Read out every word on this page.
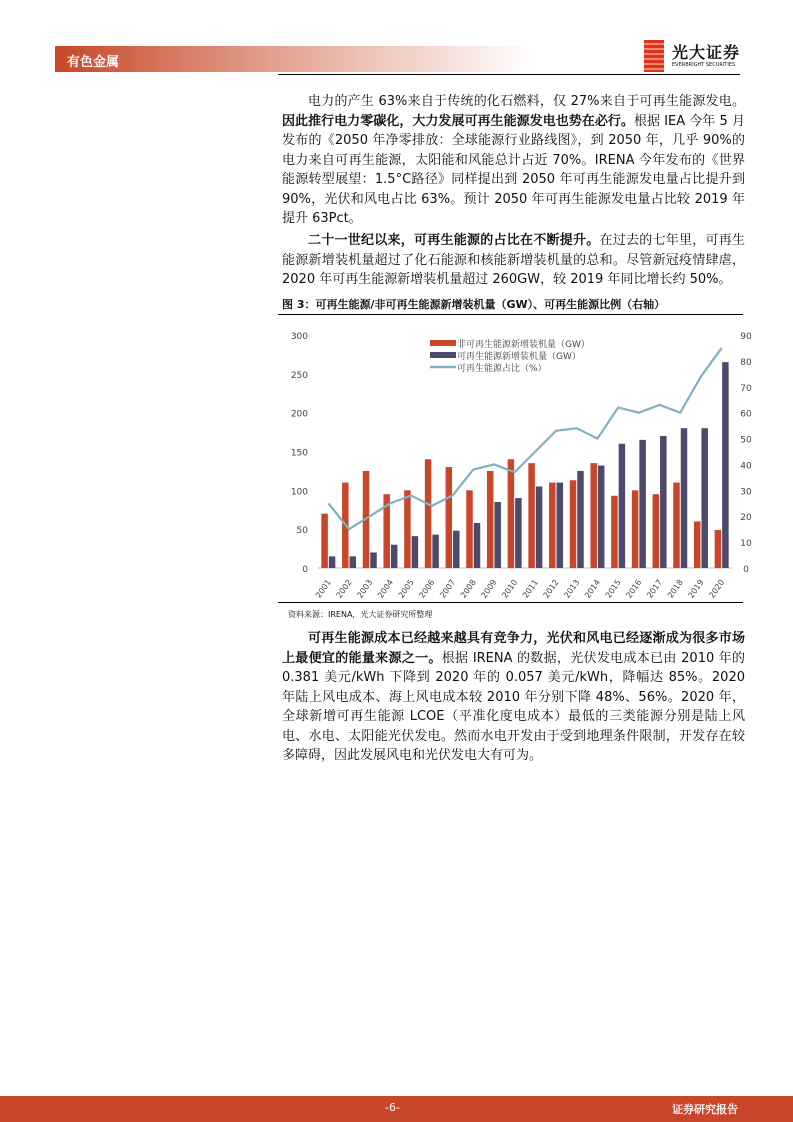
有色金属
光大证券
EVERBRIGHT SECURITIES

电力的产生 63%来自于传统的化石燃料，仅 27%来自于可再生能源发电。因此推行电力零碳化，大力发展可再生能源发电也势在必行。根据 IEA 今年 5 月发布的《2050 年净零排放：全球能源行业路线图》，到 2050 年，几乎 90%的电力来自可再生能源，太阳能和风能总计占近 70%。IRENA 今年发布的《世界能源转型展望：1.5°C路径》同样提出到 2050 年可再生能源发电量占比提升到 90%，光伏和风电占比 63%。预计 2050 年可再生能源发电量占比较 2019 年提升 63Pct。

二十一世纪以来，可再生能源的占比在不断提升。在过去的七年里，可再生能源新增装机量超过了化石能源和核能新增装机量的总和。尽管新冠疫情肆虐，2020 年可再生能源新增装机量超过 260GW，较 2019 年同比增长约 50%。

图 3：可再生能源/非可再生能源新增装机量（GW）、可再生能源比例（右轴）
0
50
100
150
200
250
300
0
10
20
30
40
50
60
70
80
90
2001 2002 2003 2004 2005 2006 2007 2008 2009 2010 2011 2012 2013 2014 2015 2016 2017 2018 2019 2020
非可再生能源新增装机量（GW）
可再生能源新增装机量（GW）
可再生能源占比（%）
资料来源：IRENA，光大证券研究所整理

可再生能源成本已经越来越具有竞争力，光伏和风电已经逐渐成为很多市场上最便宜的能量来源之一。根据 IRENA 的数据，光伏发电成本已由 2010 年的 0.381 美元/kWh 下降到 2020 年的 0.057 美元/kWh，降幅达 85%。2020 年陆上风电成本、海上风电成本较 2010 年分别下降 48%、56%。2020 年，全球新增可再生能源 LCOE（平准化度电成本）最低的三类能源分别是陆上风电、水电、太阳能光伏发电。然而水电开发由于受到地理条件限制，开发存在较多障碍，因此发展风电和光伏发电大有可为。

-6-	证券研究报告
